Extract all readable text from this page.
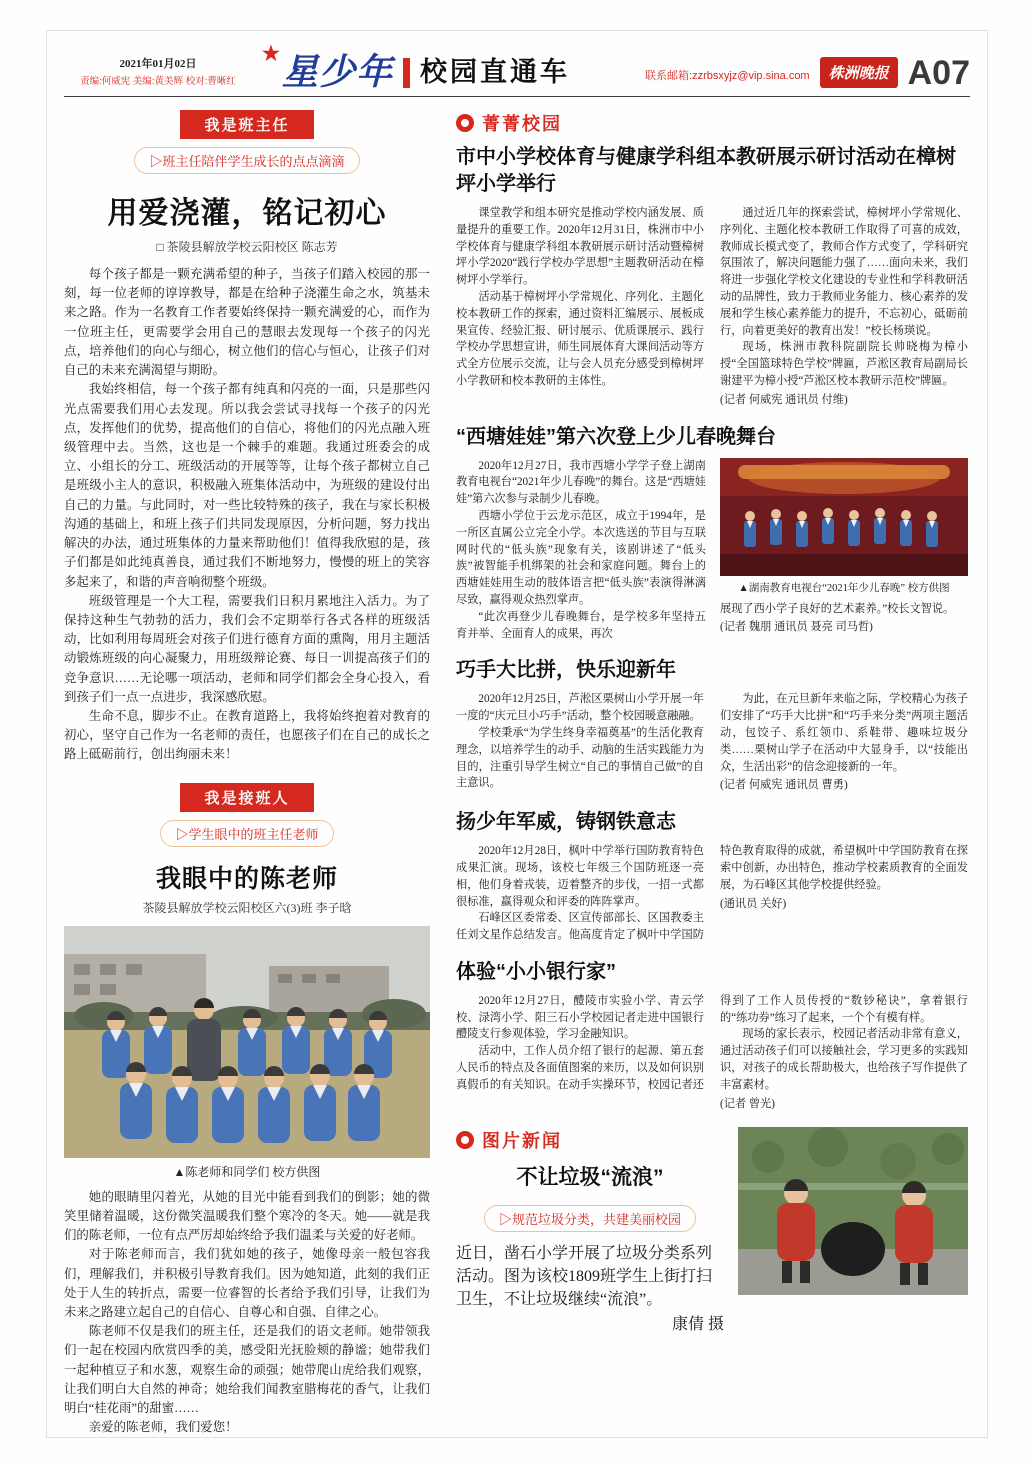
2021年01月02日
责编:何威宪 美编:黄美辉 校对:曹晰红
★ 星少年 校园直通车	联系邮箱:zzrbsxyjz@vip.sina.com	株洲晚报 A07
我是班主任
▷班主任陪伴学生成长的点点滴滴
用爱浇灌，铭记初心
□ 茶陵县解放学校云阳校区 陈志芳

每个孩子都是一颗充满希望的种子，当孩子们踏入校园的那一刻，每一位老师的谆谆教导，都是在给种子浇灌生命之水，筑基未来之路。作为一名教育工作者要始终保持一颗充满爱的心，而作为一位班主任，更需要学会用自己的慧眼去发现每一个孩子的闪光点，培养他们的向心与细心，树立他们的信心与恒心，让孩子们对自己的未来充满渴望与期盼。

我始终相信，每一个孩子都有纯真和闪亮的一面，只是那些闪光点需要我们用心去发现。所以我会尝试寻找每一个孩子的闪光点，发挥他们的优势，提高他们的自信心，将他们的闪光点融入班级管理中去。当然，这也是一个棘手的难题。我通过班委会的成立、小组长的分工、班级活动的开展等等，让每个孩子都树立自己是班级小主人的意识，积极融入班集体活动中，为班级的建设付出自己的力量。与此同时，对一些比较特殊的孩子，我在与家长积极沟通的基础上，和班上孩子们共同发现原因，分析问题，努力找出解决的办法，通过班集体的力量来帮助他们！值得我欣慰的是，孩子们都是如此纯真善良，通过我们不断地努力，慢慢的班上的笑容多起来了，和谐的声音响彻整个班级。

班级管理是一个大工程，需要我们日积月累地注入活力。为了保持这种生气勃勃的活力，我们会不定期举行各式各样的班级活动，比如利用每周班会对孩子们进行德育方面的熏陶，用月主题活动锻炼班级的向心凝聚力，用班级辩论赛、每日一训提高孩子们的竞争意识……无论哪一项活动，老师和同学们都会全身心投入，看到孩子们一点一点进步，我深感欣慰。

生命不息，脚步不止。在教育道路上，我将始终抱着对教育的初心，坚守自己作为一名老师的责任，也愿孩子们在自己的成长之路上砥砺前行，创出绚丽未来！

我是接班人
▷学生眼中的班主任老师
我眼中的陈老师
茶陵县解放学校云阳校区六(3)班 李子晗
▲陈老师和同学们 校方供图

她的眼睛里闪着光，从她的目光中能看到我们的倒影；她的微笑里储着温暖，这份微笑温暖我们整个寒冷的冬天。她——就是我们的陈老师，一位有点严厉却始终给予我们温柔与关爱的好老师。

对于陈老师而言，我们犹如她的孩子，她像母亲一般包容我们，理解我们，并积极引导教育我们。因为她知道，此刻的我们正处于人生的转折点，需要一位睿智的长者给予我们引导，让我们为未来之路建立起自己的自信心、自尊心和自强、自律之心。

陈老师不仅是我们的班主任，还是我们的语文老师。她带领我们一起在校园内欣赏四季的美，感受阳光抚脸颊的静谧；她带我们一起种植豆子和水葱，观察生命的顽强；她带爬山虎给我们观察，让我们明白大自然的神奇；她给我们闻教室腊梅花的香气，让我们明白“桂花雨”的甜蜜……

亲爱的陈老师，我们爱您！

菁菁校园
市中小学校体育与健康学科组本教研展示研讨活动在樟树坪小学举行

课堂教学和组本研究是推动学校内涵发展、质量提升的重要工作。2020年12月31日，株洲市中小学校体育与健康学科组本教研展示研讨活动暨樟树坪小学2020“践行学校办学思想”主题教研活动在樟树坪小学举行。

活动基于樟树坪小学常规化、序列化、主题化校本教研工作的探索，通过资料汇编展示、展板成果宣传、经验汇报、研讨展示、优质课展示、践行学校办学思想宣讲，师生同展体育大课间活动等方式全方位展示交流，让与会人员充分感受到樟树坪小学教研和校本教研的主体性。

通过近几年的探索尝试，樟树坪小学常规化、序列化、主题化校本教研工作取得了可喜的成效，教师成长模式变了，教师合作方式变了，学科研究氛围浓了，解决问题能力强了……面向未来，我们将进一步强化学校文化建设的专业性和学科教研活动的品牌性，致力于教师业务能力、核心素养的发展和学生核心素养能力的提升，不忘初心，砥砺前行，向着更美好的教育出发！”校长杨瑛说。

现场，株洲市教科院副院长帅晓梅为樟小授“全国篮球特色学校”牌匾，芦淞区教育局副局长谢建平为樟小授“芦淞区校本教研示范校”牌匾。

(记者 何威宪 通讯员 付维)

“西塘娃娃”第六次登上少儿春晚舞台

2020年12月27日，我市西塘小学学子登上湖南教育电视台“2021年少儿春晚”的舞台。这是“西塘娃娃”第六次参与录制少儿春晚。

西塘小学位于云龙示范区，成立于1994年，是一所区直属公立完全小学。本次选送的节目与互联网时代的“低头族”现象有关，该剧讲述了“低头族”被智能手机绑架的社会和家庭问题。舞台上的西塘娃娃用生动的肢体语言把“低头族”表演得淋漓尽致，赢得观众热烈掌声。

“此次再登少儿春晚舞台，是学校多年坚持五育并举、全面育人的成果，再次

▲湖南教育电视台“2021年少儿春晚” 校方供图

展现了西小学子良好的艺术素养。”校长文智说。

(记者 魏朋 通讯员 聂亮 司马哲)

巧手大比拼，快乐迎新年

2020年12月25日，芦淞区栗树山小学开展一年一度的“庆元旦小巧手”活动，整个校园暖意融融。

学校秉承“为学生终身幸福奠基”的生活化教育理念，以培养学生的动手、动脑的生活实践能力为目的，注重引导学生树立“自己的事情自己做”的自主意识。

为此，在元旦新年来临之际，学校精心为孩子们安排了“巧手大比拼”和“巧手来分类”两项主题活动，包饺子、系红领巾、系鞋带、趣味垃圾分类……栗树山学子在活动中大显身手，以“技能出众，生活出彩”的信念迎接新的一年。

(记者 何威宪 通讯员 曹勇)

扬少年军威，铸钢铁意志

2020年12月28日，枫叶中学举行国防教育特色成果汇演。现场，该校七年级三个国防班逐一亮相，他们身着戎装，迈着整齐的步伐，一招一式都很标准，赢得观众和评委的阵阵掌声。

石峰区区委常委、区宣传部部长、区国教委主任刘文星作总结发言。他高度肯定了枫叶中学国防特色教育取得的成就，希望枫叶中学国防教育在探索中创新，办出特色，推动学校素质教育的全面发展，为石峰区其他学校提供经验。

(通讯员 关好)

体验“小小银行家”

2020年12月27日，醴陵市实验小学、青云学校、渌湾小学、阳三石小学校园记者走进中国银行醴陵支行参观体验，学习金融知识。

活动中，工作人员介绍了银行的起源、第五套人民币的特点及各面值图案的来历，以及如何识别真假币的有关知识。在动手实操环节，校园记者还得到了工作人员传授的“数钞秘诀”，拿着银行的“练功券”练习了起来，一个个有模有样。

现场的家长表示，校园记者活动非常有意义，通过活动孩子们可以接触社会，学习更多的实践知识，对孩子的成长帮助极大，也给孩子写作提供了丰富素材。

(记者 曾光)

图片新闻
不让垃圾“流浪”
▷规范垃圾分类，共建美丽校园

近日，凿石小学开展了垃圾分类系列活动。图为该校1809班学生上街打扫卫生，不让垃圾继续“流浪”。

康倩 摄
